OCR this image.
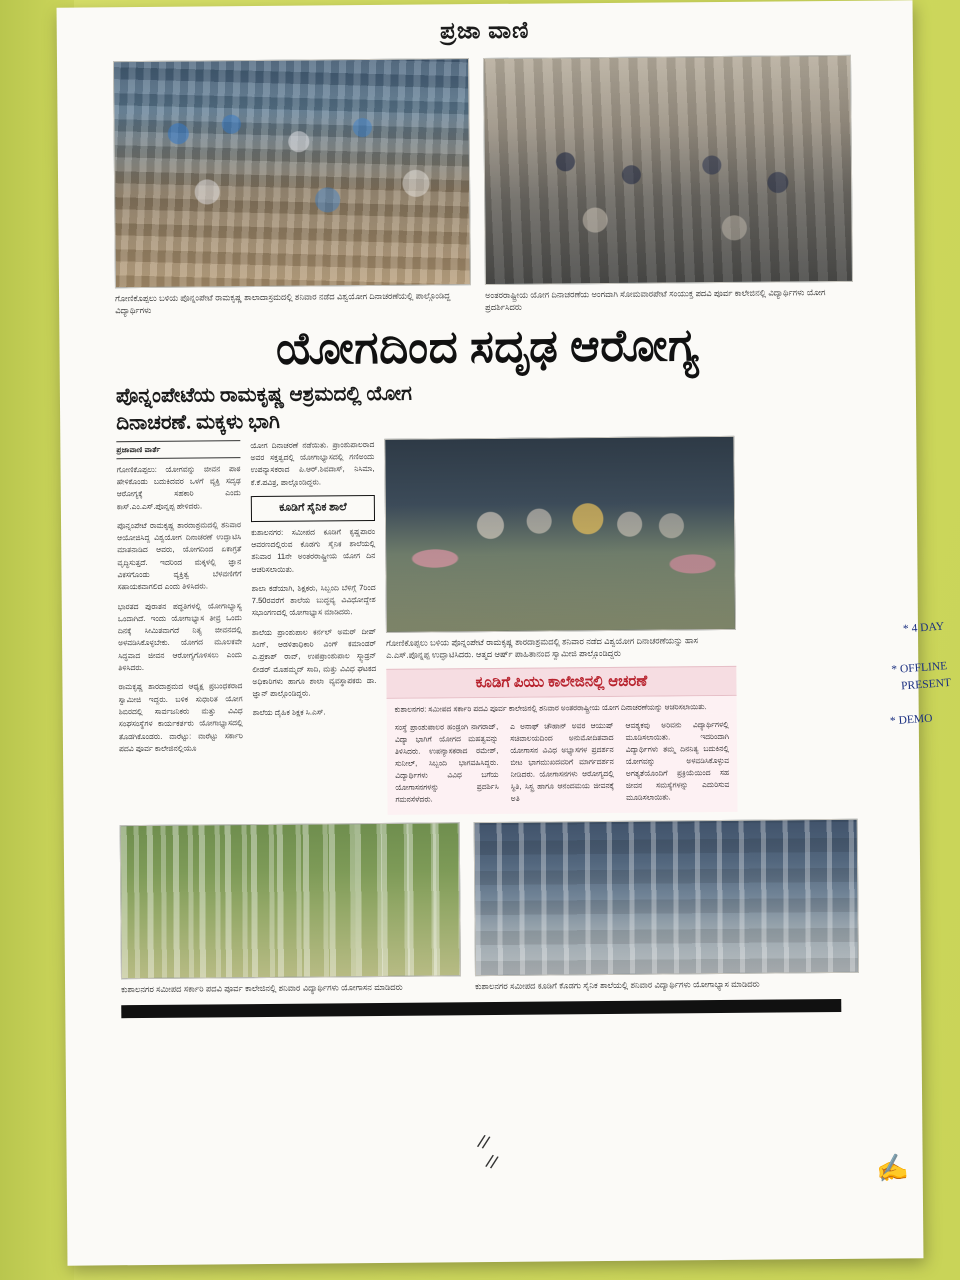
ಪ್ರಜಾ ವಾಣಿ
ಗೋಣಿಕೊಪ್ಪಲು ಬಳಿಯ ಪೊನ್ನಂಪೇಟೆ ರಾಮಕೃಷ್ಣ ಶಾಲಾದಾಸ್ರಮದಲ್ಲಿ ಶನಿವಾರ ನಡೆದ ವಿಶ್ವಯೋಗ ದಿನಾಚರಣೆಯಲ್ಲಿ ಪಾಲ್ಗೊಂಡಿದ್ದ ವಿದ್ಯಾರ್ಥಿಗಳು
ಅಂತರರಾಷ್ಟ್ರೀಯ ಯೋಗ ದಿನಾಚರಣೆಯ ಅಂಗವಾಗಿ ಸೋಮವಾರಪೇಟೆ ಸಂಯುಕ್ತ ಪದವಿ ಪೂರ್ವ ಕಾಲೇಜಿನಲ್ಲಿ ವಿದ್ಯಾರ್ಥಿಗಳು ಯೋಗ ಪ್ರದರ್ಶಿಸಿದರು
ಯೋಗದಿಂದ ಸದೃಢ ಆರೋಗ್ಯ
ಪೊನ್ನಂಪೇಟೆಯ ರಾಮಕೃಷ್ಣ ಆಶ್ರಮದಲ್ಲಿ ಯೋಗ ದಿನಾಚರಣೆ. ಮಕ್ಕಳು ಭಾಗಿ
ಪ್ರಜಾವಾಣಿ ವಾರ್ತೆ

ಗೋಣಿಕೊಪ್ಪಲು: ಯೋಗವನ್ನು ಜೀವನ ಪಾಠ ಹೇಳಿಕೊಂಡು ಬದುಕಿದವರ ಒಳಗೆ ವ್ಯಕ್ತಿ ಸದೃಢ ಆರೋಗ್ಯಕ್ಕೆ ಸಹಕಾರಿ ಎಂದು ಕಾಸ್.ಎಂ.ಎಸ್.ಪೊನ್ನಪ್ಪ ಹೇಳಿದರು.

ಪೊನ್ನಂಪೇಟೆ ರಾಮಕೃಷ್ಣ ಶಾರದಾಶ್ರಮದಲ್ಲಿ ಶನಿವಾರ ಆಯೋಜಿಸಿದ್ದ ವಿಶ್ವಯೋಗ ದಿನಾಚರಣೆ ಉದ್ಘಾಟಿಸಿ ಮಾತನಾಡಿದ ಆವರು, ಯೋಗದಿಂದ ಏಕಾಗ್ರತೆ ವೃದ್ಧಿಸುತ್ತದೆ. ಇದರಿಂದ ಮಕ್ಕಳಲ್ಲಿ ಜ್ಞಾನ ವಿಕಸಗೊಂಡು ವ್ಯಕ್ತಿತ್ವ ಬೆಳವಣಿಗೆಗೆ ಸಹಾಯಕವಾಗಲಿದ ಎಂದು ತಿಳಿಸಿದರು.

ಭಾರತದ ಪುರಾತನ ಪದ್ಧತಿಗಳಲ್ಲಿ ಯೋಗಾಭ್ಯಾಸ್ಯ ಒಂದಾಗಿದೆ. ಇಂದು ಯೋಗಾಭ್ಯಾಸ ತೀವ್ರ ಒಂದು ದಿನಕ್ಕೆ ಸೀಮಿತವಾಗದೆ ನಿತ್ಯ ಜೀವನದಲ್ಲಿ ಅಳವಡಿಸಿಕೊಳ್ಳಬೇಕು. ಯೋಗದ ಮೂಲಕವೇ ಸಿದ್ಧವಾದ ಜೀವನ ಆರೋಗ್ಯಗೊಳಿಸಲು ಎಂದು ತಿಳಿಸಿದರು.

ರಾಮಕೃಷ್ಣ ಶಾರದಾಶ್ರಮದ ಆಧ್ಯಕ್ಷ ಪ್ರಬಂಧಕರಾದ ಸ್ವಾಮೀಜಿ ಇದ್ದರು. ಬಳಿಕ ಸುಧಾರಿತ ಯೋಗ ಶಿಬಿರದಲ್ಲಿ ಸಾರ್ವಜನಿಕರು ಮತ್ತು ವಿವಿಧ ಸಂಘಸಂಸ್ಥೆಗಳ ಕಾರ್ಯಕರ್ತರು ಯೋಗಾಭ್ಯಾಸದಲ್ಲಿ ತೊಡಗಿಕೊಂಡರು. ವಾರೆಟ್ಟು: ವಾರೆಟ್ಟು ಸರ್ಕಾರಿ ಪದವಿ ಪೂರ್ವ ಕಾಲೇಜಿನಲ್ಲಿಯೂ

ಯೋಗ ದಿನಾಚರಣೆ ನಡೆಯಿತು. ಪ್ರಾಂಶುಪಾಲರಾದ ಅವರ ಸಕ್ತತ್ವದಲ್ಲಿ ಯೋಗಾಭ್ಯಾಸದಲ್ಲಿ ಗಣಿಅಂದು ಉಪನ್ಯಾಸಕರಾದ ಪಿ.ಆರ್.ಶಿವದಾಸ್, ನಿಸಿಮಾ, ಕೆ.ಕೆ.ಪವಿತ್ರ, ಪಾಲ್ಗೊಂಡಿದ್ದರು.

ಕೂಡಿಗೆ ಸೈನಿಕ ಶಾಲೆ

ಕುಶಾಲನಗರ: ಸಮೀಪದ ಕೂಡಿಗೆ ಕೃಷ್ಣಪಾರಂ ಆವರಣದಲ್ಲಿರುವ ಕೊಡಗು ಸೈನಿಕ ಶಾಲೆಯಲ್ಲಿ ಶನಿವಾರ 11ನೇ ಅಂತರರಾಷ್ಟ್ರೀಯ ಯೋಗ ದಿನ ಆಚರಿಸಲಾಯಿತು.

ಶಾಲಾ ಕಡೆಯಾಗಿ, ಶಿಕ್ಷಕರು, ಸಿಬ್ಬಂದಿ ಬೆಳಿಗ್ಗೆ 7ರಿಂದ 7.50ರವರೆಗೆ ಶಾಲೆಯ ಬುದ್ಧವ್ಯ ವಿವಿಧೋದ್ದೇಶ ಸಭಾಂಗಣದಲ್ಲಿ ಯೋಗಾಭ್ಯಾಸ ಮಾಡಿದರು.

ಶಾಲೆಯ ಪ್ರಾಂಶುಪಾಲ ಕರ್ನಲ್ ಅಮರ್ ದೀಪ್ ಸಿಂಗ್, ಆಡಳಿತಾಧಿಕಾರಿ ವಿಂಗ್ ಕಮಾಂಡರ್ ಎ.ಪ್ರಕಾಶ್ ರಾವ್, ಉಪಪ್ರಾಂಶುಪಾಲ ಸ್ಕ್ವಾಡ್ರನ್ ಲೀಡರ್ ಮೊಹಮ್ಮದ್ ಸಾದಿ, ಮತ್ತು ವಿವಿಧ ಘಟಕದ ಅಧಿಕಾರಿಗಳು ಹಾಗೂ ಶಾಲಾ ವ್ಯವಸ್ಥಾಪಕರು ಡಾ. ಜ್ಞಾನ್ ಪಾಲ್ಗೊಂಡಿದ್ದರು.

ಶಾಲೆಯ ದೈಹಿಕ ಶಿಕ್ಷಕ ಸಿ.ಎಸ್.

ಗೋಣಿಕೊಪ್ಪಲು ಬಳಿಯ ಪೊನ್ನಂಪೇಟೆ ರಾಮಕೃಷ್ಣ ಶಾರದಾಶ್ರಮದಲ್ಲಿ ಶನಿವಾರ ನಡೆದ ವಿಶ್ವಯೋಗ ದಿನಾಚರಣೆಯನ್ನು ಹಾಸ ಎ.ಎಸ್.ಪೊನ್ನಪ್ಪ ಉದ್ಘಾಟಿಸಿದರು. ಆತ್ಮದ ಆರ್ಷ್ ಪಾಹಿತಾನಂದ ಸ್ವಾಮೀಜಿ ಪಾಲ್ಗೊಂಡಿದ್ದರು
ಕೂಡಿಗೆ ಪಿಯು ಕಾಲೇಜಿನಲ್ಲಿ ಆಚರಣೆ
ಕುಶಾಲನಗರ: ಸಮೀಪದ ಸರ್ಕಾರಿ ಪದವಿ ಪೂರ್ವ ಕಾಲೇಜಿನಲ್ಲಿ ಶನಿವಾರ ಅಂತರರಾಷ್ಟ್ರೀಯ ಯೋಗ ದಿನಾಚರಣೆಯನ್ನು ಆಚರಿಸಲಾಯಿತು.
ಸಂಸ್ಥೆ ಪ್ರಾಂಶುಪಾಲರ ಹಂಡ್ರಂಗಿ ನಾಗರಾಜ್, ವಿದ್ಯಾ ಭಾಗಿಗೆ ಯೋಗದ ಮಹತ್ವವನ್ನು ತಿಳಿಸಿದರು. ಉಪನ್ಯಾಸಕರಾದ ರಮೇಶ್, ಸುನೀಲ್, ಸಿಬ್ಬಂದಿ ಭಾಗವಹಿಸಿದ್ದರು. ವಿದ್ಯಾರ್ಥಿಗಳು ವಿವಿಧ ಬಗೆಯ ಯೋಗಾಸನಗಳನ್ನು ಪ್ರದರ್ಶಿಸಿ ಗಮನಸೆಳೆದರು.
ಎ ಅನಾಫ್ ಚೌಹಾನ್ ಅವರ ಆಯುಷ್ ಸಚಿವಾಲಯದಿಂದ ಅನುಮೋದಿತವಾದ ಯೋಗಾಸನ ವಿವಿಧ ಅಭ್ಯಾಸಗಳ ಪ್ರದರ್ಶನ ಬೀಟ ಭಾಗಮುಖದವರಿಗೆ ಮಾರ್ಗದರ್ಶನ ನೀಡಿದರು. ಯೋಗಾಸನಗಳು ಆರೋಗ್ಯದಲ್ಲಿ ಸ್ಥಿತಿ, ಸಿಸ್ಟ್ರ ಹಾಗೂ ಆನಂದಮಯ ಜೀವನಕ್ಕೆ ಅತಿ
ಆವಶ್ಯಕವು ಅರಿವನು ವಿದ್ಯಾರ್ಥಿಗಳಲ್ಲಿ ಮೂಡಿಸಲಾಯಿತು. ಇದರಿಂದಾಗಿ ವಿದ್ಯಾರ್ಥಿಗಳು ತಮ್ಮ ದಿನನಿತ್ಯ ಬದುಕಿನಲ್ಲಿ ಯೋಗವನ್ನು ಅಳವಡಿಸಿಕೊಳ್ಳುವ ಅಗತ್ಯತೆಯೊಂದಿಗೆ ಪ್ರಕ್ರಿಯೆಯಿಂದ ಸಹ ಜೀವನ ಸಮಸ್ಯೆಗಳನ್ನು ಎದುರಿಸುವ ಮೂಡಿಸಲಾಯಿತು.
ಕುಶಾಲನಗರ ಸಮೀಪದ ಸರ್ಕಾರಿ ಪದವಿ ಪೂರ್ವ ಕಾಲೇಜಿನಲ್ಲಿ ಶನಿವಾರ ವಿದ್ಯಾರ್ಥಿಗಳು ಯೋಗಾಸನ ಮಾಡಿದರು	ಕುಶಾಲನಗರ ಸಮೀಪದ ಕೂಡಿಗೆ ಕೊಡಗು ಸೈನಿಕ ಶಾಲೆಯಲ್ಲಿ ಶನಿವಾರ ವಿದ್ಯಾರ್ಥಿಗಳು ಯೋಗಾಭ್ಯಾಸ ಮಾಡಿದರು
//
//
* 4 DAY
* OFFLINE
PRESENT
* DEMO
✍
